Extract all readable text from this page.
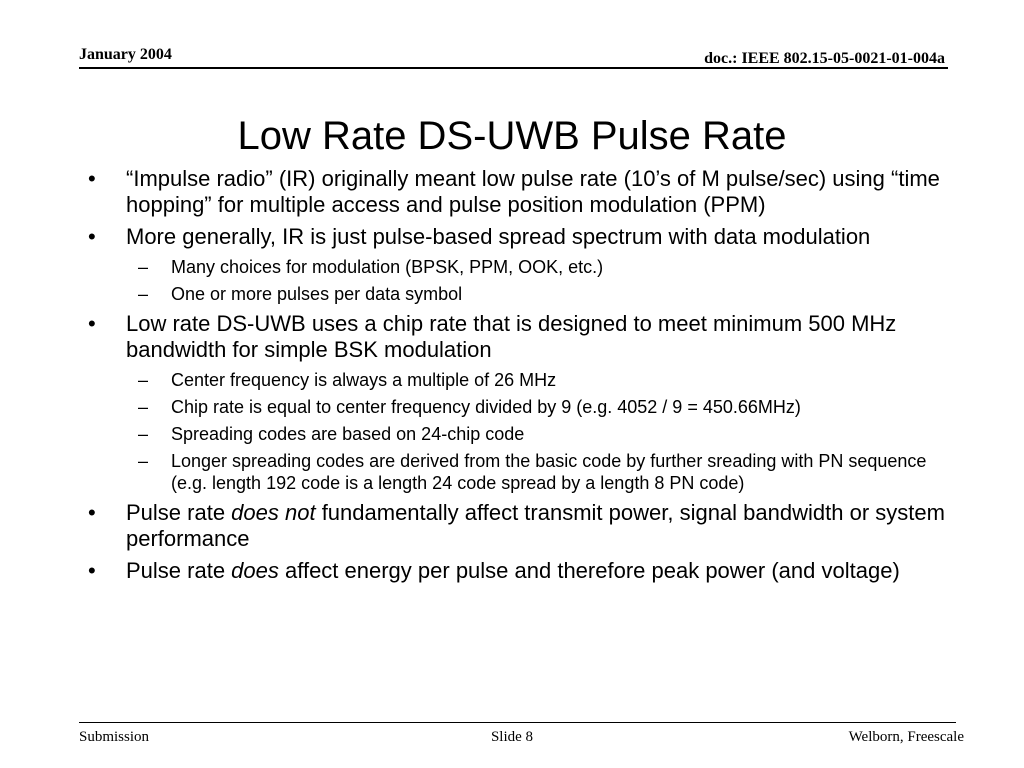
January 2004	doc.: IEEE 802.15-05-0021-01-004a
Low Rate DS-UWB Pulse Rate
• “Impulse radio” (IR) originally meant low pulse rate (10’s of M pulse/sec) using “time hopping” for multiple access and pulse position modulation (PPM)
• More generally, IR is just pulse-based spread spectrum with data modulation
– Many choices for modulation (BPSK, PPM, OOK, etc.)
– One or more pulses per data symbol
• Low rate DS-UWB uses a chip rate that is designed to meet minimum 500 MHz bandwidth for simple BSK modulation
– Center frequency is always a multiple of 26 MHz
– Chip rate is equal to center frequency divided by 9 (e.g. 4052 / 9 = 450.66MHz)
– Spreading codes are based on 24-chip code
– Longer spreading codes are derived from the basic code by further sreading with PN sequence (e.g. length 192 code is a length 24 code spread by a length 8 PN code)
• Pulse rate does not fundamentally affect transmit power, signal bandwidth or system performance
• Pulse rate does affect energy per pulse and therefore peak power (and voltage)
Submission	Slide 8	Welborn, Freescale
